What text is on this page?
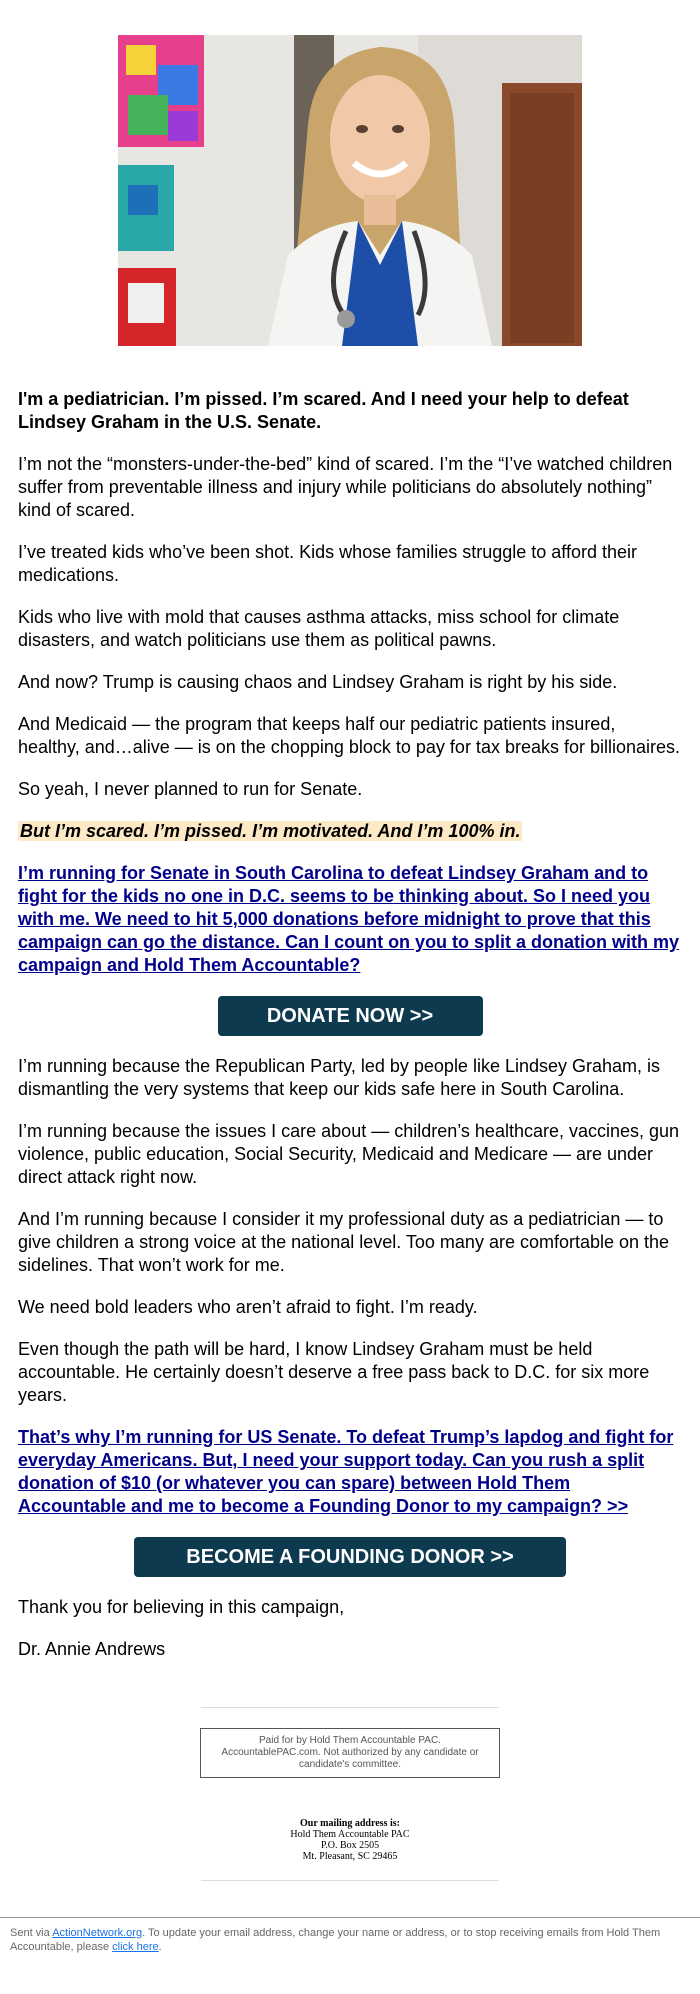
I'm a pediatrician. I’m pissed. I’m scared. And I need your help to defeat Lindsey Graham in the U.S. Senate.

I’m not the “monsters-under-the-bed” kind of scared. I’m the “I’ve watched children suffer from preventable illness and injury while politicians do absolutely nothing” kind of scared.

I’ve treated kids who’ve been shot. Kids whose families struggle to afford their medications.

Kids who live with mold that causes asthma attacks, miss school for climate disasters, and watch politicians use them as political pawns.

And now? Trump is causing chaos and Lindsey Graham is right by his side.

And Medicaid — the program that keeps half our pediatric patients insured, healthy, and…alive — is on the chopping block to pay for tax breaks for billionaires.

So yeah, I never planned to run for Senate.

But I’m scared. I’m pissed. I’m motivated. And I’m 100% in.

I’m running for Senate in South Carolina to defeat Lindsey Graham and to fight for the kids no one in D.C. seems to be thinking about. So I need you with me. We need to hit 5,000 donations before midnight to prove that this campaign can go the distance. Can I count on you to split a donation with my campaign and Hold Them Accountable?

DONATE NOW >>

I’m running because the Republican Party, led by people like Lindsey Graham, is dismantling the very systems that keep our kids safe here in South Carolina.

I’m running because the issues I care about — children’s healthcare, vaccines, gun violence, public education, Social Security, Medicaid and Medicare — are under direct attack right now.

And I’m running because I consider it my professional duty as a pediatrician — to give children a strong voice at the national level. Too many are comfortable on the sidelines. That won’t work for me.

We need bold leaders who aren’t afraid to fight. I’m ready.

Even though the path will be hard, I know Lindsey Graham must be held accountable. He certainly doesn’t deserve a free pass back to D.C. for six more years.

That’s why I’m running for US Senate. To defeat Trump’s lapdog and fight for everyday Americans. But, I need your support today. Can you rush a split donation of $10 (or whatever you can spare) between Hold Them Accountable and me to become a Founding Donor to my campaign? >>

BECOME A FOUNDING DONOR >>

Thank you for believing in this campaign,

Dr. Annie Andrews

Paid for by Hold Them Accountable PAC. AccountablePAC.com. Not authorized by any candidate or candidate's committee.
Our mailing address is:
Hold Them Accountable PAC
P.O. Box 2505
Mt. Pleasant, SC 29465
Sent via ActionNetwork.org. To update your email address, change your name or address, or to stop receiving emails from Hold Them Accountable, please click here.
